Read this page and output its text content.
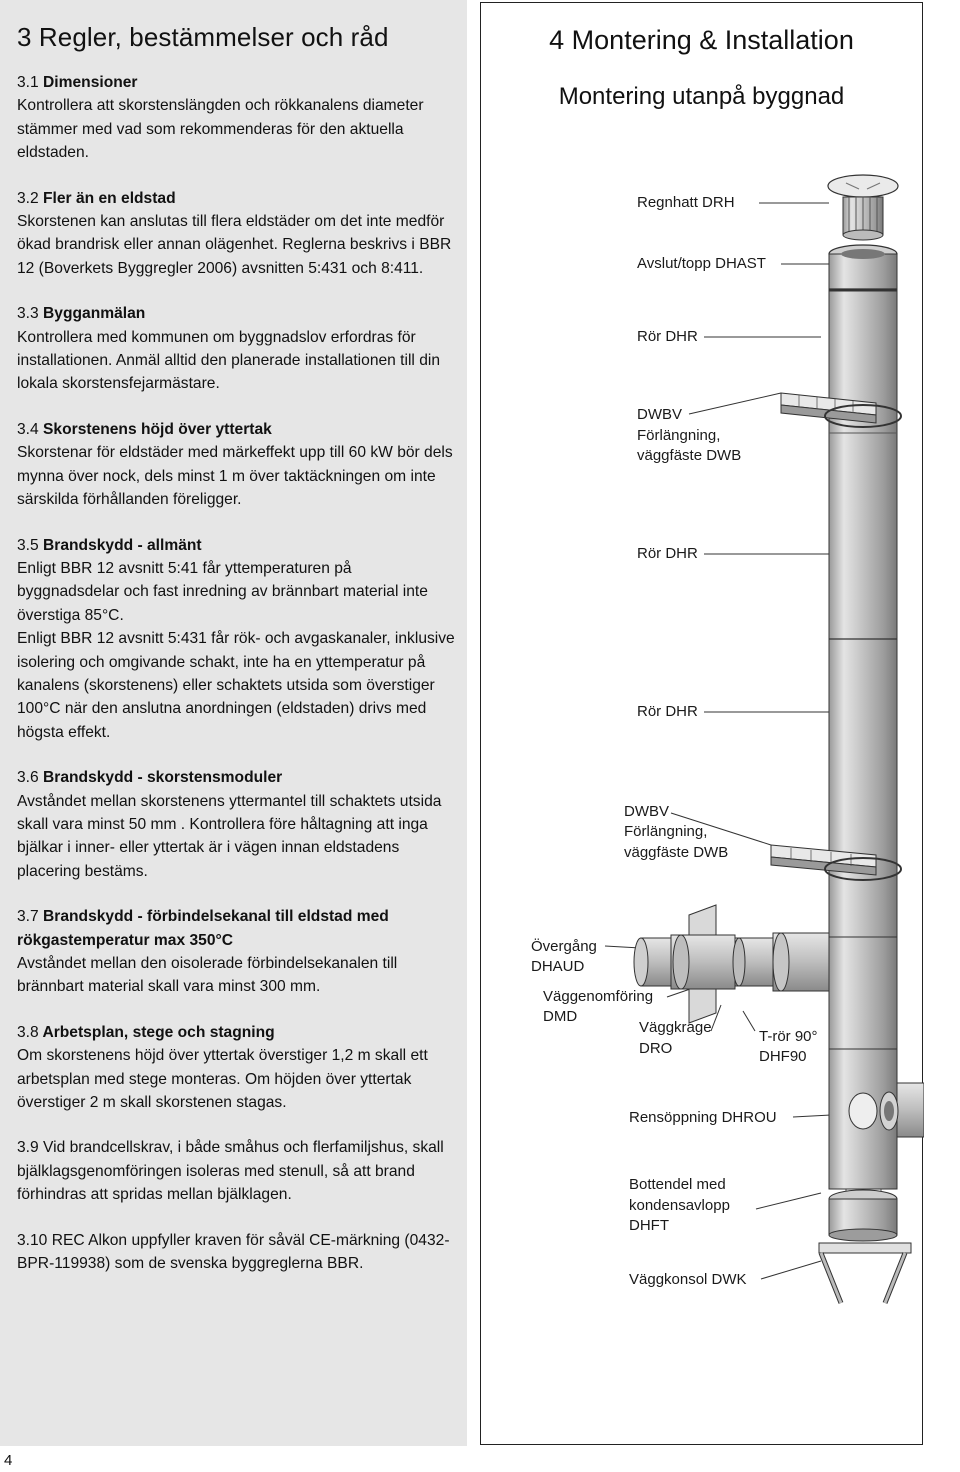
3 Regler, bestämmelser och råd
3.1 Dimensioner

Kontrollera att skorstenslängden och rökkanalens diameter stämmer med vad som rekommenderas för den aktuella eldstaden.

3.2 Fler än en eldstad

Skorstenen kan anslutas till flera eldstäder om det inte medför ökad brandrisk eller annan olägenhet. Reglerna beskrivs i BBR 12 (Boverkets Byggregler 2006) avsnitten 5:431 och 8:411.

3.3 Bygganmälan

Kontrollera med kommunen om byggnadslov erfordras för installationen. Anmäl alltid den planerade installationen till din lokala skorstensfejarmästare.

3.4 Skorstenens höjd över yttertak

Skorstenar för eldstäder med märkeffekt upp till 60 kW bör dels mynna över nock, dels minst 1 m över taktäckningen om inte särskilda förhållanden föreligger.

3.5 Brandskydd - allmänt

Enligt BBR 12 avsnitt 5:41 får yttemperaturen på byggnadsdelar och fast inredning av brännbart material inte överstiga 85°C.

Enligt BBR 12 avsnitt 5:431 får rök- och avgaskanaler, inklusive isolering och omgivande schakt, inte ha en yttemperatur på kanalens (skorstenens) eller schaktets utsida som överstiger 100°C när den anslutna anordningen (eldstaden) drivs med högsta effekt.

3.6 Brandskydd - skorstensmoduler

Avståndet mellan skorstenens yttermantel till schaktets utsida skall vara minst 50 mm . Kontrollera före håltagning att inga bjälkar i inner- eller yttertak är i vägen innan eldstadens placering bestäms.

3.7 Brandskydd - förbindelsekanal till eldstad med rökgastemperatur max 350°C

Avståndet mellan den oisolerade förbindelsekanalen till brännbart material skall vara minst 300 mm.

3.8 Arbetsplan, stege och stagning

Om skorstenens höjd över yttertak överstiger 1,2 m skall ett arbetsplan med stege monteras. Om höjden över yttertak överstiger 2 m skall skorstenen stagas.

3.9 Vid brandcellskrav, i både småhus och flerfamiljshus, skall bjälklagsgenomföringen isoleras med stenull, så att brand förhindras att spridas mellan bjälklagen.

3.10 REC Alkon uppfyller kraven för såväl CE-märkning (0432-BPR-119938) som de svenska byggreglerna BBR.

4 Montering & Installation
Montering utanpå byggnad
Regnhatt DRH
Avslut/topp DHAST
Rör DHR
DWBV
Förlängning,
väggfäste DWB
Rör DHR
Rör DHR
DWBV
Förlängning,
väggfäste DWB
Övergång
DHAUD
Väggenomföring
DMD
Väggkrage
DRO
T-rör 90°
DHF90
Rensöppning DHROU
Bottendel med
kondensavlopp
DHFT
Väggkonsol DWK
4
